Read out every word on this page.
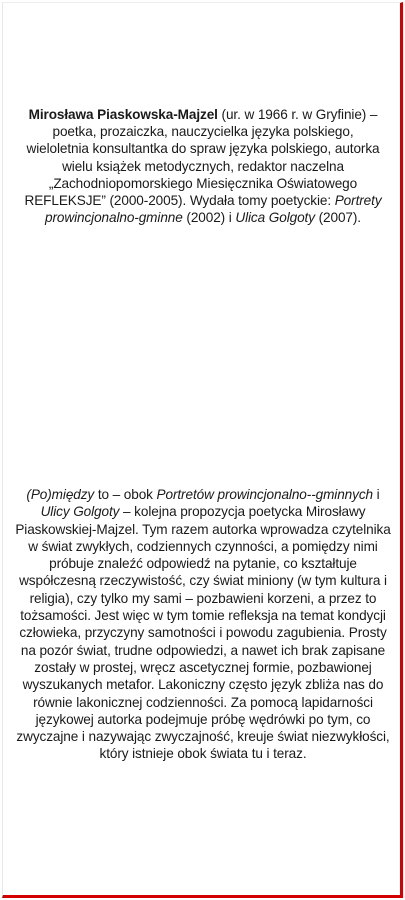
Mirosława Piaskowska-Majzel (ur. w 1966 r. w Gryfinie) – poetka, prozaiczka, nauczycielka języka polskiego, wieloletnia konsultantka do spraw języka polskiego, autorka wielu książek metodycznych, redaktor naczelna „Zachodniopomorskiego Miesięcznika Oświatowego REFLEKSJE” (2000-2005). Wydała tomy poetyckie: Portrety prowincjonalno-gminne (2002) i Ulica Golgoty (2007).

(Po)między to – obok Portretów prowincjonalno--gminnych i Ulicy Golgoty – kolejna propozycja poetycka Mirosławy Piaskowskiej-Majzel. Tym razem autorka wprowadza czytelnika w świat zwykłych, codziennych czynności, a pomiędzy nimi próbuje znaleźć odpowiedź na pytanie, co kształtuje współczesną rzeczywistość, czy świat miniony (w tym kultura i religia), czy tylko my sami – pozbawieni korzeni, a przez to tożsamości. Jest więc w tym tomie refleksja na temat kondycji człowieka, przyczyny samotności i powodu zagubienia. Prosty na pozór świat, trudne odpowiedzi, a nawet ich brak zapisane zostały w prostej, wręcz ascetycznej formie, pozbawionej wyszukanych metafor. Lakoniczny często język zbliża nas do równie lakonicznej codzienności. Za pomocą lapidarności językowej autorka podejmuje próbę wędrówki po tym, co zwyczajne i nazywając zwyczajność, kreuje świat niezwykłości, który istnieje obok świata tu i teraz.
